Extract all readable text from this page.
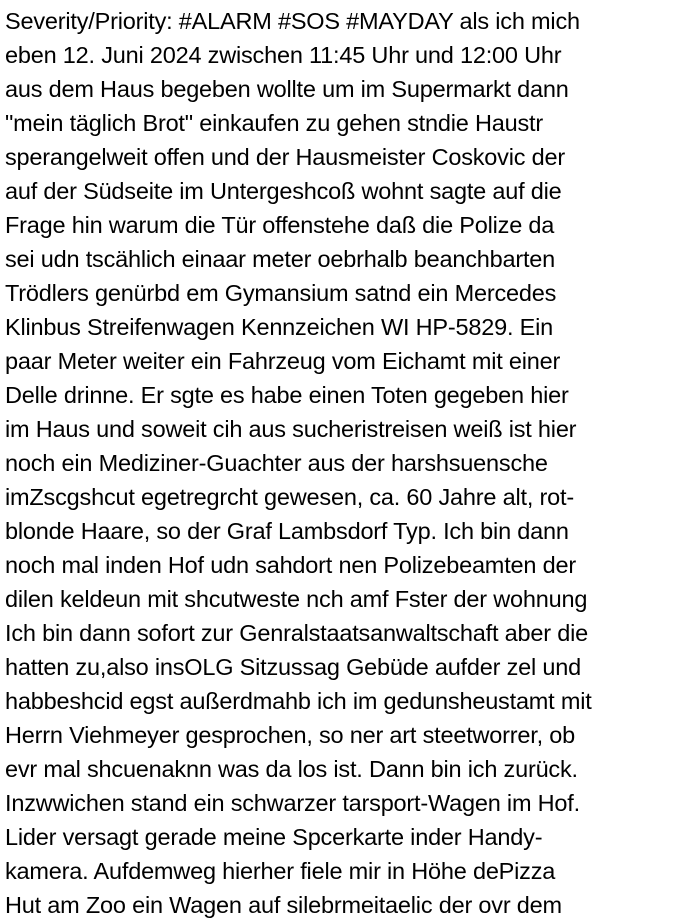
Severity/Priority: #ALARM #SOS #MAYDAY als ich mich
eben 12. Juni 2024 zwischen 11:45 Uhr und 12:00 Uhr
aus dem Haus begeben wollte um im Supermarkt dann
"mein täglich Brot" einkaufen zu gehen stndie Haustr
sperangelweit offen und der Hausmeister Coskovic der
auf der Südseite im Untergeshcoß wohnt sagte auf die
Frage hin warum die Tür offenstehe daß die Polize da
sei udn tscählich einaar meter oebrhalb beanchbarten
Trödlers genürbd em Gymansium satnd ein Mercedes
Klinbus Streifenwagen Kennzeichen WI HP-5829. Ein
paar Meter weiter ein Fahrzeug vom Eichamt mit einer
Delle drinne. Er sgte es habe einen Toten gegeben hier
im Haus und soweit cih aus sucheristreisen weiß ist hier
noch ein Mediziner-Guachter aus der harshsuensche
imZscgshcut egetregrcht gewesen, ca. 60 Jahre alt, rot-
blonde Haare, so der Graf Lambsdorf Typ. Ich bin dann
noch mal inden Hof udn sahdort nen Polizebeamten der
dilen keldeun mit shcutweste nch amf Fster der wohnung
Ich bin dann sofort zur Genralstaatsanwaltschaft aber die
hatten zu,also insOLG Sitzussag Gebüde aufder zel und
habbeshcid egst außerdmahb ich im gedunsheustamt mit
Herrn Viehmeyer gesprochen, so ner art steetworrer, ob
evr mal shcuenaknn was da los ist. Dann bin ich zurück.
Inzwwichen stand ein schwarzer tarsport-Wagen im Hof.
Lider versagt gerade meine Spcerkarte inder Handy-
kamera. Aufdemweg hierher fiele mir in Höhe dePizza
Hut am Zoo ein Wagen auf silebrmeitaelic der ovr dem
